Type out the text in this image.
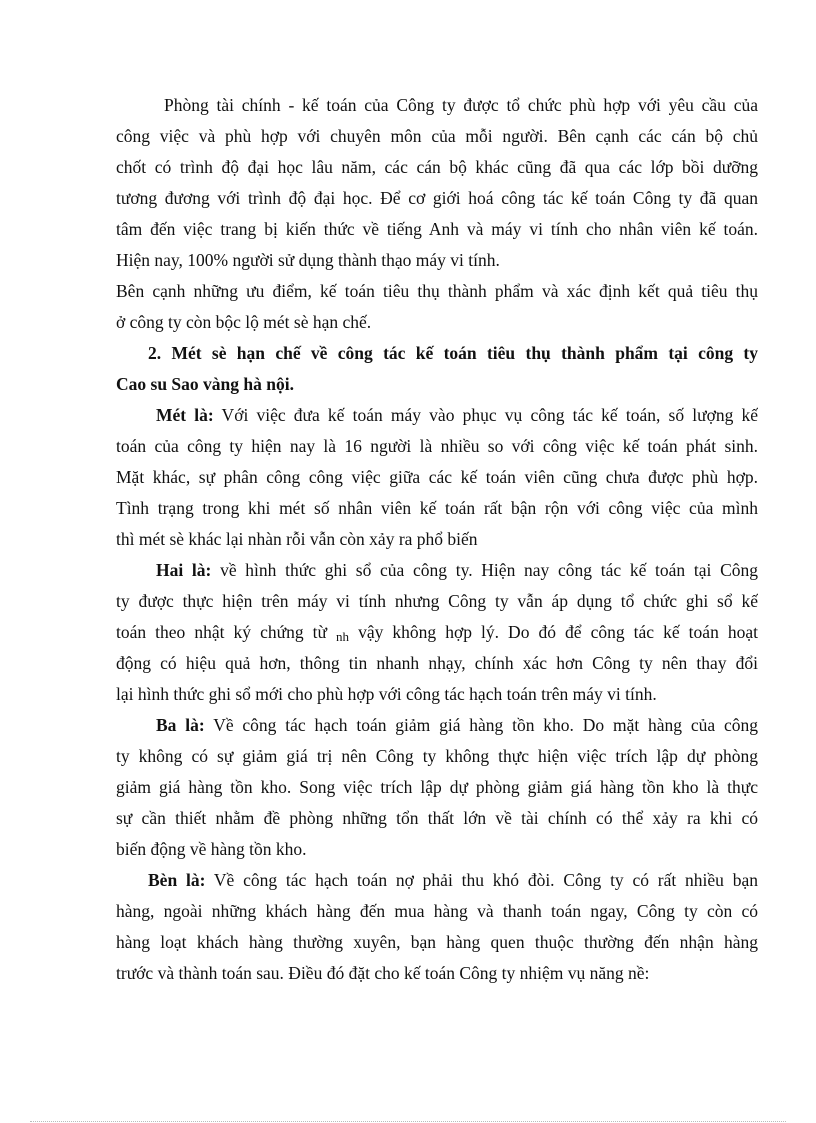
Phòng tài chính - kế toán của Công ty được tổ chức phù hợp với yêu cầu của
công việc và phù hợp với chuyên môn của mỗi người. Bên cạnh các cán bộ chủ
chốt có trình độ đại học lâu năm, các cán bộ khác cũng đã qua các lớp bồi dưỡng
tương đương với trình độ đại học. Để cơ giới hoá công tác kế toán Công ty đã quan
tâm đến việc trang bị kiến thức về tiếng Anh và máy vi tính cho nhân viên kế toán.
Hiện nay, 100% người sử dụng thành thạo máy vi tính.
Bên cạnh những ưu điểm, kế toán tiêu thụ thành phẩm và xác định kết quả tiêu thụ
ở công ty còn bộc lộ mét sè hạn chế.
2. Mét sè hạn chế về công tác kế toán tiêu thụ thành phẩm tại công ty
Cao su Sao vàng hà nội.
Mét là: Với việc đưa kế toán máy vào phục vụ công tác kế toán, số lượng kế
toán của công ty hiện nay là 16 người là nhiều so với công việc kế toán phát sinh.
Mặt khác, sự phân công công việc giữa các kế toán viên cũng chưa được phù hợp.
Tình trạng trong khi mét số nhân viên kế toán rất bận rộn với công việc của mình
thì mét sè khác lại nhàn rỗi vẫn còn xảy ra phổ biến
Hai là: về hình thức ghi sổ của công ty. Hiện nay công tác kế toán tại Công
ty được thực hiện trên máy vi tính nhưng Công ty vẫn áp dụng tổ chức ghi sổ kế
toán theo nhật ký chứng từ nh vậy không hợp lý. Do đó để công tác kế toán hoạt
động có hiệu quả hơn, thông tin nhanh nhạy, chính xác hơn Công ty nên thay đổi
lại hình thức ghi sổ mới cho phù hợp với công tác hạch toán trên máy vi tính.
Ba là: Về công tác hạch toán giảm giá hàng tồn kho. Do mặt hàng của công
ty không có sự giảm giá trị nên Công ty không thực hiện việc trích lập dự phòng
giảm giá hàng tồn kho. Song việc trích lập dự phòng giảm giá hàng tồn kho là thực
sự cần thiết nhằm đề phòng những tổn thất lớn về tài chính có thể xảy ra khi có
biến động về hàng tồn kho.
Bèn là: Về công tác hạch toán nợ phải thu khó đòi. Công ty có rất nhiều bạn
hàng, ngoài những khách hàng đến mua hàng và thanh toán ngay, Công ty còn có
hàng loạt khách hàng thường xuyên, bạn hàng quen thuộc thường đến nhận hàng
trước và thành toán sau. Điều đó đặt cho kế toán Công ty nhiệm vụ năng nề:
